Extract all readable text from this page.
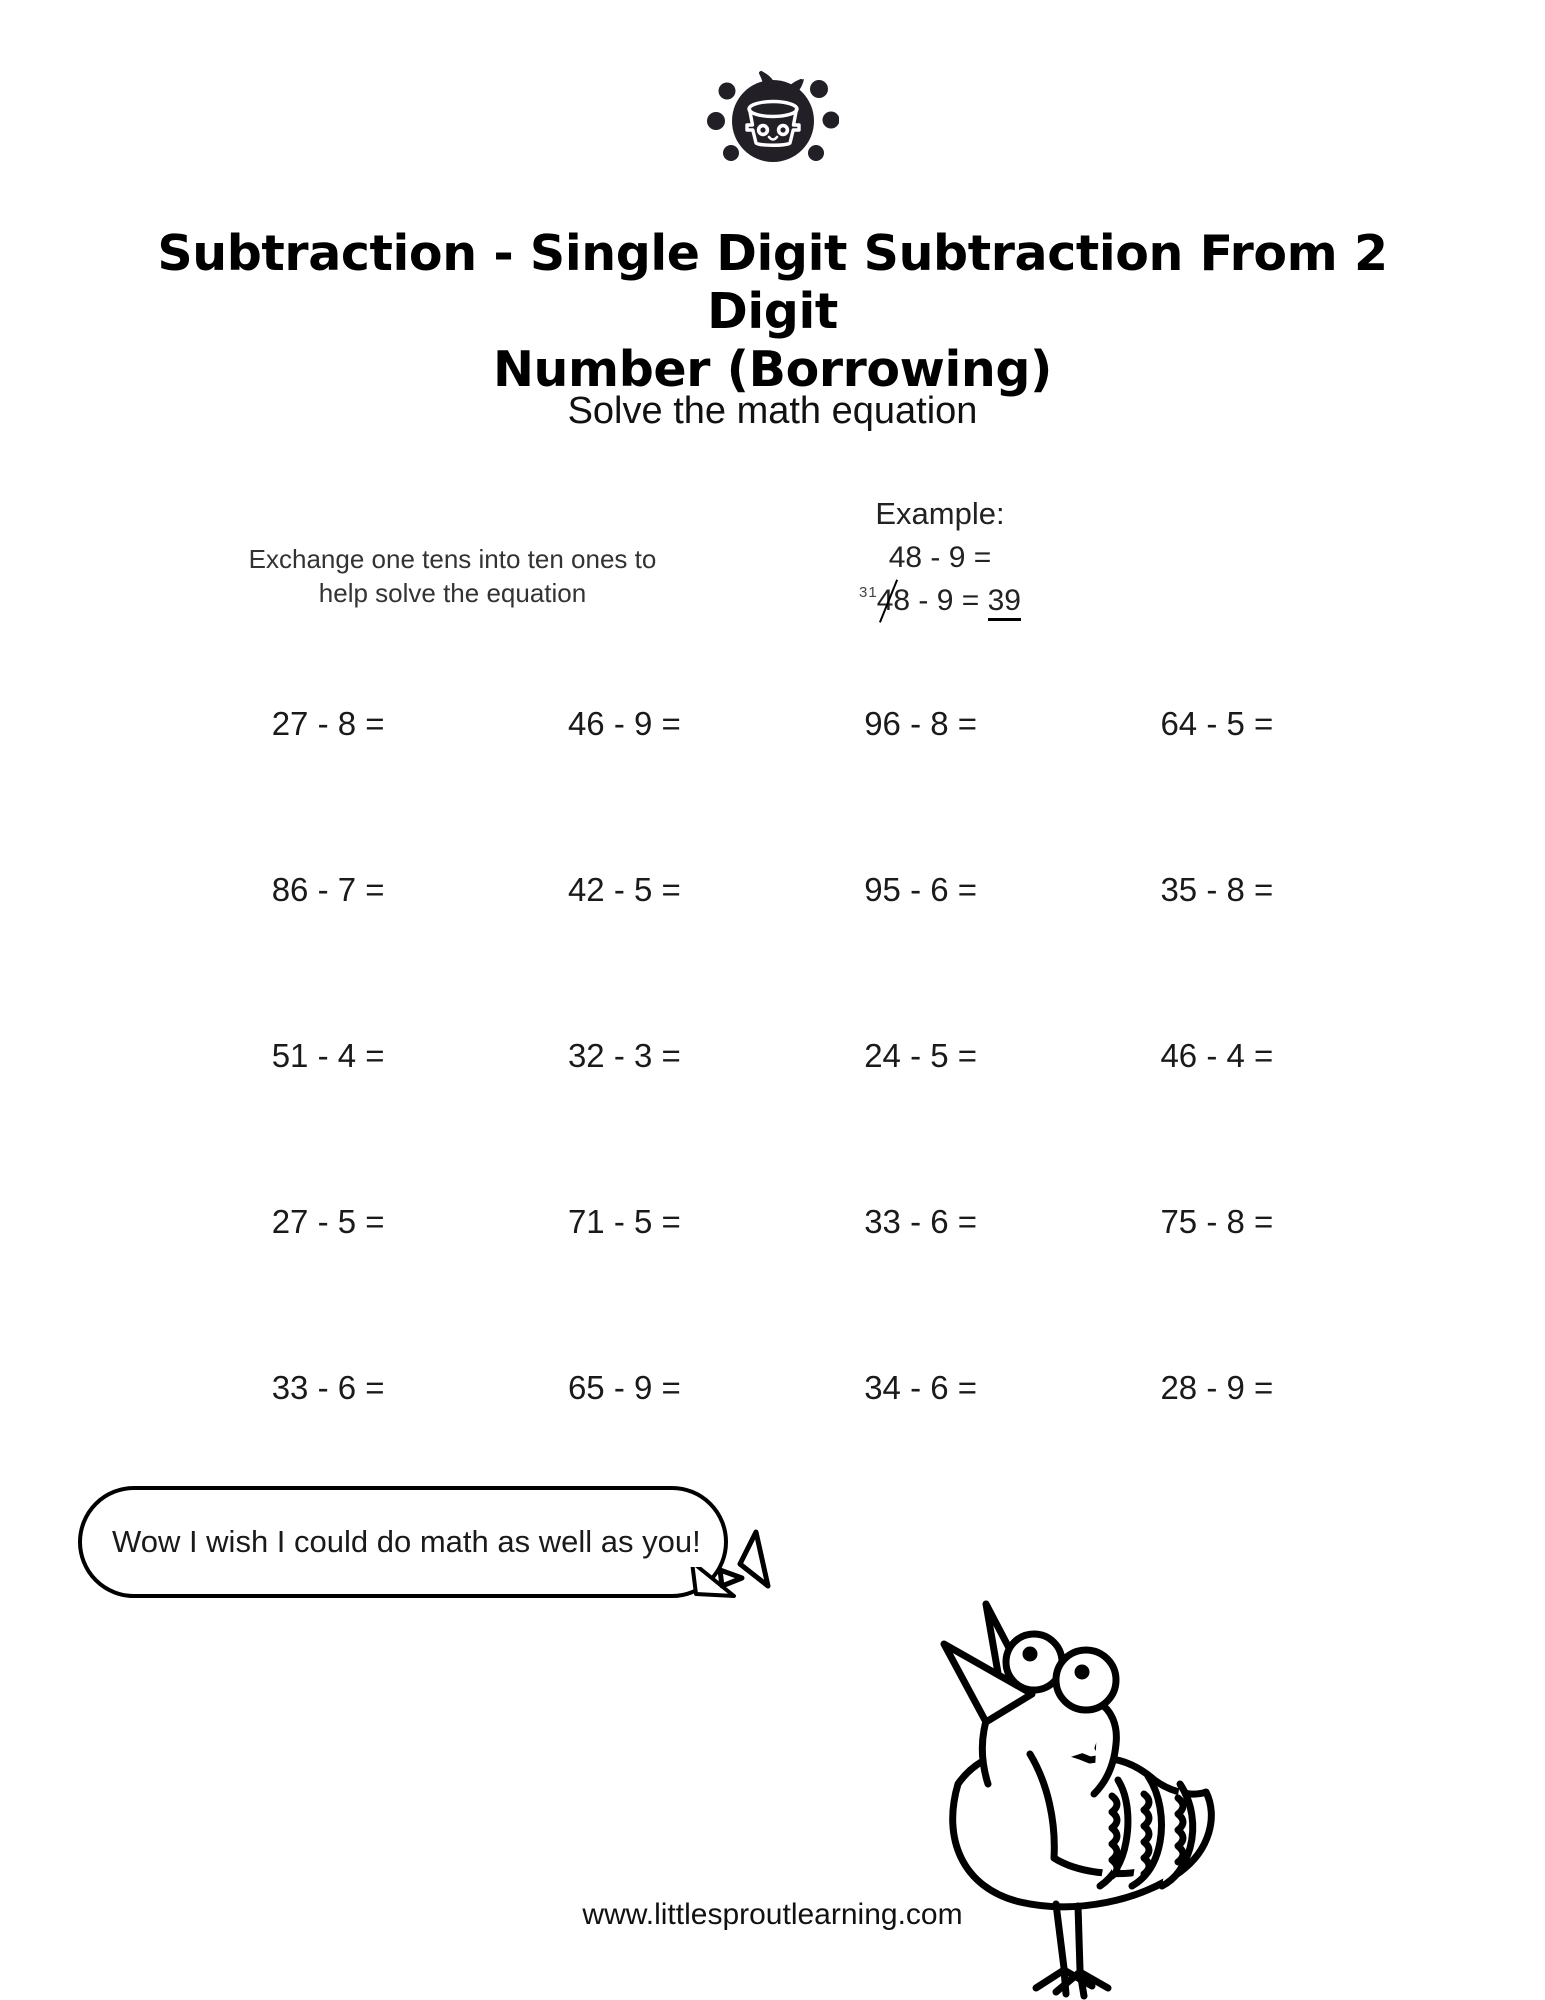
Subtraction - Single Digit Subtraction From 2 Digit
Number (Borrowing)
Solve the math equation
Exchange one tens into ten ones to help solve the equation
Example:
48 - 9 =
$^{31}$48 - 9 = 39
27 - 8 =	46 - 9 =	96 - 8 =	64 - 5 =
86 - 7 =	42 - 5 =	95 - 6 =	35 - 8 =
51 - 4 =	32 - 3 =	24 - 5 =	46 - 4 =
27 - 5 =	71 - 5 =	33 - 6 =	75 - 8 =
33 - 6 =	65 - 9 =	34 - 6 =	28 - 9 =
Wow I wish I could do math as well as you!
www.littlesproutlearning.com
